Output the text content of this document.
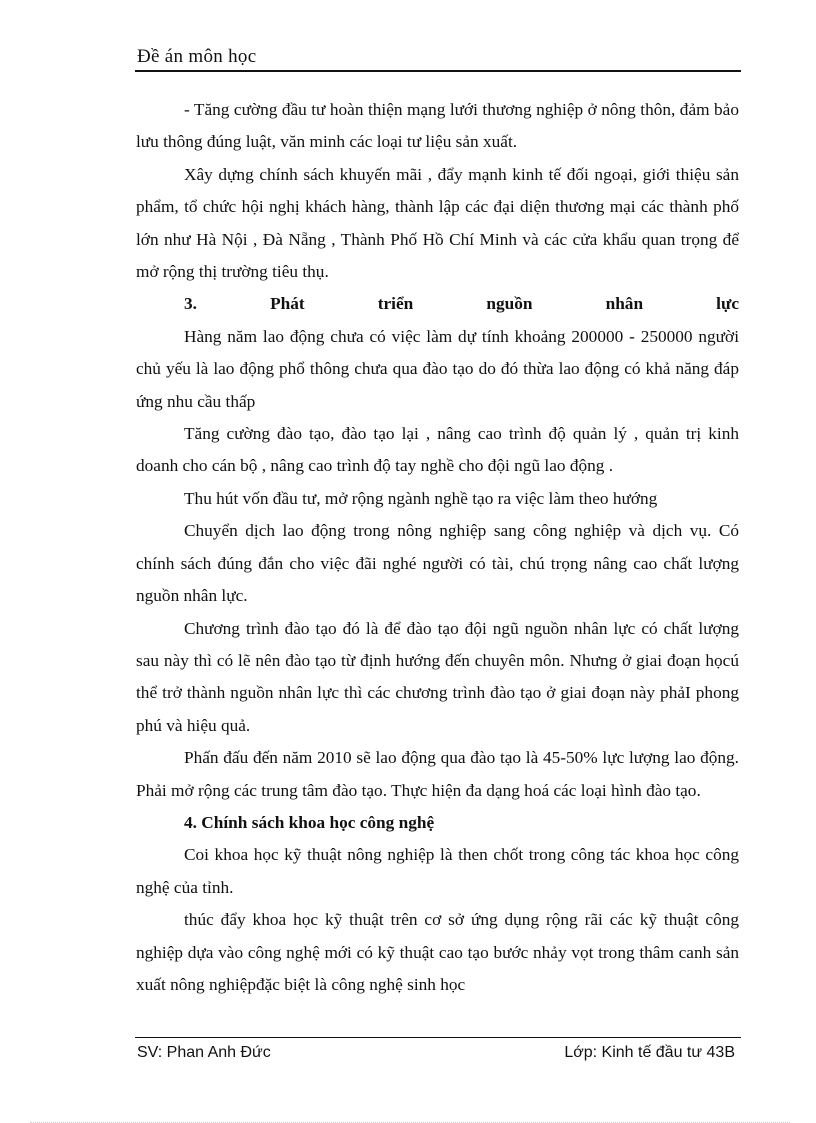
Đề án môn học

- Tăng cường đầu tư hoàn thiện mạng lưới thương nghiệp ở nông thôn, đảm bảo lưu thông đúng luật, văn minh các loại tư liệu sản xuất.

Xây dựng chính sách khuyến mãi , đẩy mạnh kinh tế đối ngoại, giới thiệu sản phẩm, tổ chức hội nghị khách hàng, thành lập các đại diện thương mại các thành phố lớn như Hà Nội , Đà Nẵng , Thành Phố Hồ Chí Minh và các cửa khẩu quan trọng để mở rộng thị trường tiêu thụ.

3. Phát triển nguồn nhân lực

Hàng năm lao động chưa có việc làm dự tính khoảng 200000 - 250000 người chủ yếu là lao động phổ thông chưa qua đào tạo do đó thừa lao động có khả năng đáp ứng nhu cầu thấp

Tăng cường đào tạo, đào tạo lại , nâng cao trình độ quản lý , quản trị kinh doanh cho cán bộ , nâng cao trình độ tay nghề cho đội ngũ lao động .

Thu hút vốn đầu tư, mở rộng ngành nghề tạo ra việc làm theo hướng

Chuyển dịch lao động trong nông nghiệp sang công nghiệp và dịch vụ. Có chính sách đúng đắn cho việc đãi nghé người có tài, chú trọng nâng cao chất lượng nguồn nhân lực.

Chương trình đào tạo đó là để đào tạo đội ngũ nguồn nhân lực có chất lượng sau này thì có lẽ nên đào tạo từ định hướng đến chuyên môn. Nhưng ở giai đoạn họcú thể trở thành nguồn nhân lực thì các chương trình đào tạo ở giai đoạn này phảI phong phú và hiệu quả.

Phấn đấu đến năm 2010 sẽ lao động qua đào tạo là 45-50% lực lượng lao động. Phải mở rộng các trung tâm đào tạo. Thực hiện đa dạng hoá các loại hình đào tạo.

4. Chính sách khoa học công nghệ

Coi khoa học kỹ thuật nông nghiệp là then chốt trong công tác khoa học công nghệ của tỉnh.

thúc đẩy khoa học kỹ thuật trên cơ sở ứng dụng rộng rãi các kỹ thuật công nghiệp dựa vào công nghệ mới có kỹ thuật cao tạo bước nhảy vọt trong thâm canh sản xuất nông nghiệpđặc biệt là công nghệ sinh học

SV: Phan Anh Đức	Lớp: Kinh tế đầu tư 43B
